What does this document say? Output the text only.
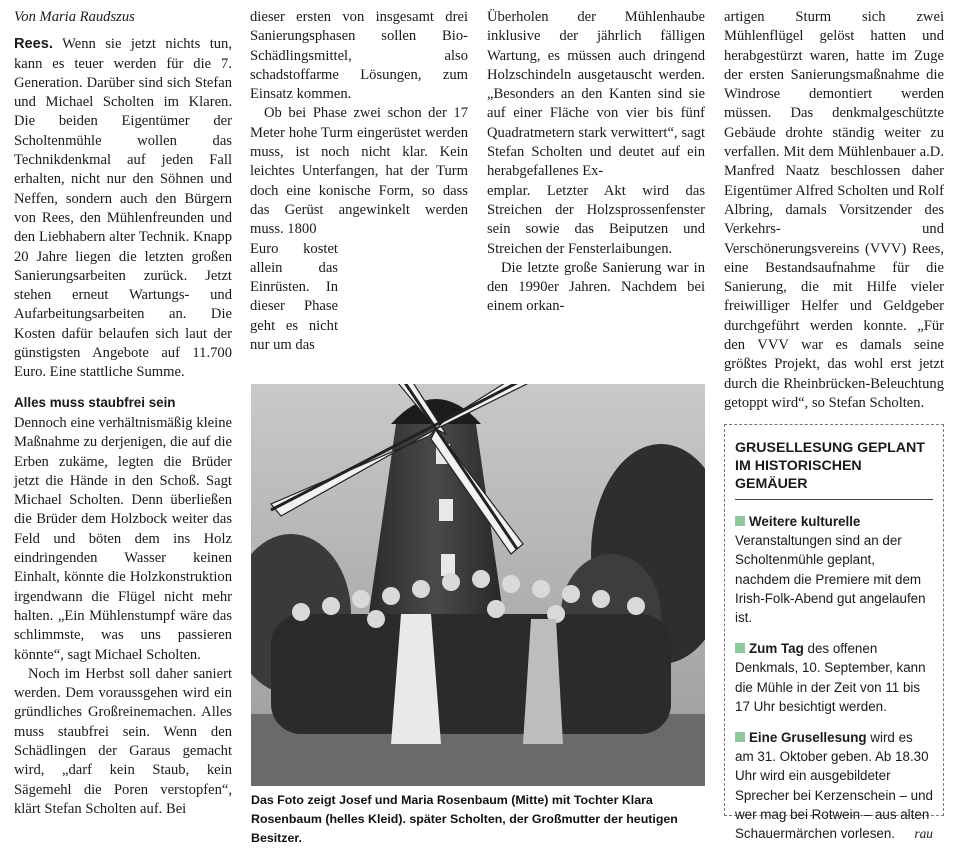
Von Maria Raudszus

Rees. Wenn sie jetzt nichts tun, kann es teuer werden für die 7. Generation. Darüber sind sich Stefan und Michael Scholten im Klaren. Die beiden Eigentümer der Scholtenmühle wollen das Technikdenkmal auf jeden Fall erhalten, nicht nur den Söhnen und Neffen, sondern auch den Bürgern von Rees, den Mühlenfreunden und den Liebhabern alter Technik. Knapp 20 Jahre liegen die letzten großen Sanierungsarbeiten zurück. Jetzt stehen erneut Wartungs- und Aufarbeitungsarbeiten an. Die Kosten dafür belaufen sich laut der günstigsten Angebote auf 11.700 Euro. Eine stattliche Summe.

Alles muss staubfrei sein

Dennoch eine verhältnismäßig kleine Maßnahme zu derjenigen, die auf die Erben zukäme, legten die Brüder jetzt die Hände in den Schoß. Sagt Michael Scholten. Denn überließen die Brüder dem Holzbock weiter das Feld und böten dem ins Holz eindringenden Wasser keinen Einhalt, könnte die Holzkonstruktion irgendwann die Flügel nicht mehr halten. „Ein Mühlenstumpf wäre das schlimmste, was uns passieren könnte“, sagt Michael Scholten.

Noch im Herbst soll daher saniert werden. Dem voraussgehen wird ein gründliches Großreinemachen. Alles muss staubfrei sein. Wenn den Schädlingen der Garaus gemacht wird, „darf kein Staub, kein Sägemehl die Poren verstopfen“, klärt Stefan Scholten auf. Bei

dieser ersten von insgesamt drei Sanierungsphasen sollen Bio-Schädlingsmittel, also schadstoffarme Lösungen, zum Einsatz kommen.

Ob bei Phase zwei schon der 17 Meter hohe Turm eingerüstet werden muss, ist noch nicht klar. Kein leichtes Unterfangen, hat der Turm doch eine konische Form, so dass das Gerüst angewinkelt werden muss. 1800

Euro kostet allein das Einrüsten. In dieser Phase geht es nicht nur um das

Überholen der Mühlenhaube inklusive der jährlich fälligen Wartung, es müssen auch dringend Holzschindeln ausgetauscht werden. „Besonders an den Kanten sind sie auf einer Fläche von vier bis fünf Quadratmetern stark verwittert“, sagt Stefan Scholten und deutet auf ein herabgefallenes Ex-

emplar. Letzter Akt wird das Streichen der Holzsprossenfenster sein sowie das Beiputzen und Streichen der Fensterlaibungen.

Die letzte große Sanierung war in den 1990er Jahren. Nachdem bei einem orkan-

artigen Sturm sich zwei Mühlenflügel gelöst hatten und herabgestürzt waren, hatte im Zuge der ersten Sanierungsmaßnahme die Windrose demontiert werden müssen. Das denkmalgeschützte Gebäude drohte ständig weiter zu verfallen. Mit dem Mühlenbauer a.D. Manfred Naatz beschlossen daher Eigentümer Alfred Scholten und Rolf Albring, damals Vorsitzender des Verkehrs- und Verschönerungsvereins (VVV) Rees, eine Bestandsaufnahme für die Sanierung, die mit Hilfe vieler freiwilliger Helfer und Geldgeber durchgeführt werden konnte. „Für den VVV war es damals seine größtes Projekt, das wohl erst jetzt durch die Rheinbrücken-Beleuchtung getoppt wird“, so Stefan Scholten.

Das Foto zeigt Josef und Maria Rosenbaum (Mitte) mit Tochter Klara Rosenbaum (helles Kleid). später Scholten, der Großmutter der heutigen Besitzer.
GRUSELLESUNG GEPLANT IM HISTORISCHEN GEMÄUER

Weitere kulturelle Veranstaltungen sind an der Scholtenmühle geplant, nachdem die Premiere mit dem Irish-Folk-Abend gut angelaufen ist.

Zum Tag des offenen Denkmals, 10. September, kann die Mühle in der Zeit von 11 bis 17 Uhr besichtigt werden.

Eine Grusellesung wird es am 31. Oktober geben. Ab 18.30 Uhr wird ein ausgebildeter Sprecher bei Kerzenschein – und wer mag bei Rotwein – aus alten Schauermärchen vorlesen. rau
